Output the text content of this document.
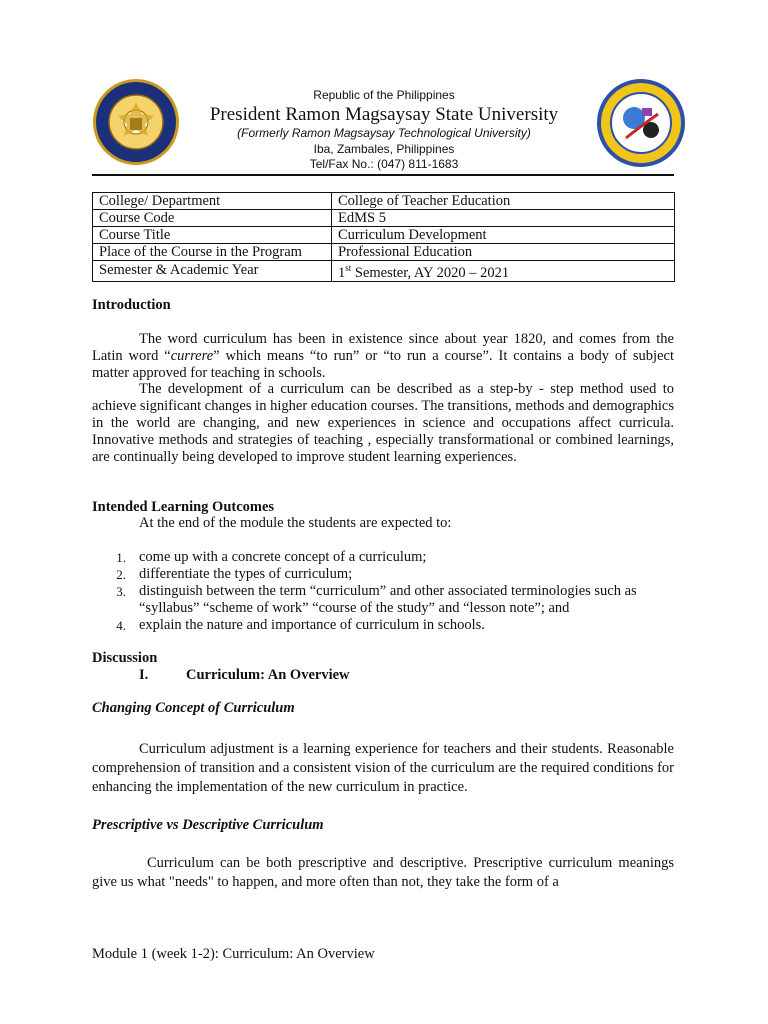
Republic of the Philippines
President Ramon Magsaysay State University
(Formerly Ramon Magsaysay Technological University)
Iba, Zambales, Philippines
Tel/Fax No.: (047) 811-1683
College/ Department	College of Teacher Education
Course Code	EdMS 5
Course Title	Curriculum Development
Place of the Course in the Program	Professional Education
Semester & Academic Year	1st Semester, AY 2020 – 2021
Introduction
The word curriculum has been in existence since about year 1820, and comes from the Latin word “currere” which means “to run” or “to run a course”. It contains a body of subject matter approved for teaching in schools.
The development of a curriculum can be described as a step-by - step method used to achieve significant changes in higher education courses. The transitions, methods and demographics in the world are changing, and new experiences in science and occupations affect curricula. Innovative methods and strategies of teaching , especially transformational or combined learnings, are continually being developed to improve student learning experiences.
Intended Learning Outcomes
At the end of the module the students are expected to:
1. come up with a concrete concept of a curriculum;
2. differentiate the types of curriculum;
3. distinguish between the term “curriculum” and other associated terminologies such as “syllabus” “scheme of work” “course of the study” and “lesson note”; and
4. explain the nature and importance of curriculum in schools.
Discussion
I.	Curriculum: An Overview
Changing Concept of Curriculum
Curriculum adjustment is a learning experience for teachers and their students. Reasonable comprehension of transition and a consistent vision of the curriculum are the required conditions for enhancing the implementation of the new curriculum in practice.
Prescriptive vs Descriptive Curriculum
Curriculum can be both prescriptive and descriptive. Prescriptive curriculum meanings give us what "needs" to happen, and more often than not, they take the form of a
Module 1 (week 1-2): Curriculum: An Overview
